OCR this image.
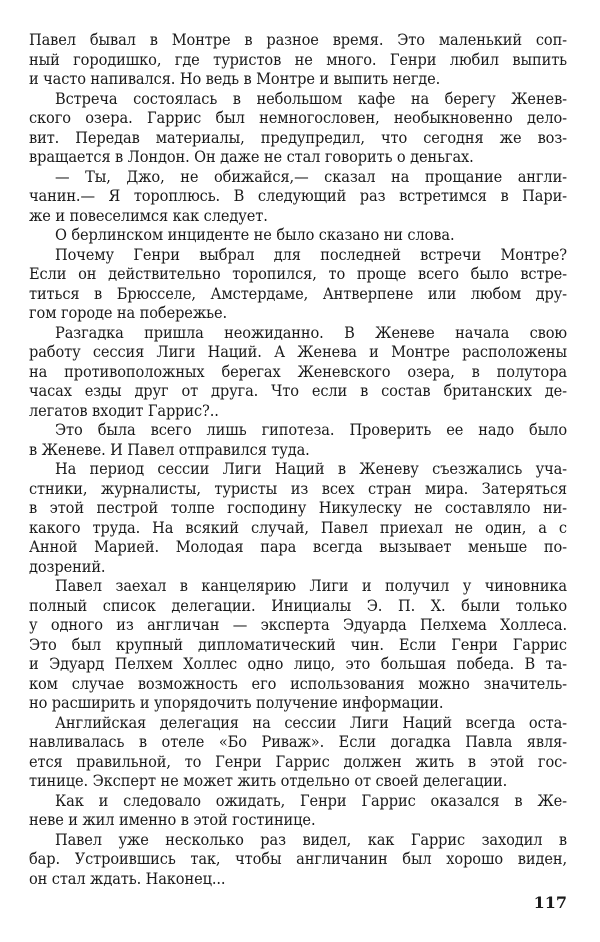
Павел бывал в Монтре в разное время. Это маленький соп-
ный городишко, где туристов не много. Генри любил выпить
и часто напивался. Но ведь в Монтре и выпить негде.
Встреча состоялась в небольшом кафе на берегу Женев-
ского озера. Гаррис был немногословен, необыкновенно дело-
вит. Передав материалы, предупредил, что сегодня же воз-
вращается в Лондон. Он даже не стал говорить о деньгах.
— Ты, Джо, не обижайся,— сказал на прощание англи-
чанин.— Я тороплюсь. В следующий раз встретимся в Пари-
же и повеселимся как следует.
О берлинском инциденте не было сказано ни слова.
Почему Генри выбрал для последней встречи Монтре?
Если он действительно торопился, то проще всего было встре-
титься в Брюсселе, Амстердаме, Антверпене или любом дру-
гом городе на побережье.
Разгадка пришла неожиданно. В Женеве начала свою
работу сессия Лиги Наций. А Женева и Монтре расположены
на противоположных берегах Женевского озера, в полутора
часах езды друг от друга. Что если в состав британских де-
легатов входит Гаррис?..
Это была всего лишь гипотеза. Проверить ее надо было
в Женеве. И Павел отправился туда.
На период сессии Лиги Наций в Женеву съезжались уча-
стники, журналисты, туристы из всех стран мира. Затеряться
в этой пестрой толпе господину Никулеску не составляло ни-
какого труда. На всякий случай, Павел приехал не один, а с
Анной Марией. Молодая пара всегда вызывает меньше по-
дозрений.
Павел заехал в канцелярию Лиги и получил у чиновника
полный список делегации. Инициалы Э. П. Х. были только
у одного из англичан — эксперта Эдуарда Пелхема Холлеса.
Это был крупный дипломатический чин. Если Генри Гаррис
и Эдуард Пелхем Холлес одно лицо, это большая победа. В та-
ком случае возможность его использования можно значитель-
но расширить и упорядочить получение информации.
Английская делегация на сессии Лиги Наций всегда оста-
навливалась в отеле «Бо Риваж». Если догадка Павла явля-
ется правильной, то Генри Гаррис должен жить в этой гос-
тинице. Эксперт не может жить отдельно от своей делегации.
Как и следовало ожидать, Генри Гаррис оказался в Же-
неве и жил именно в этой гостинице.
Павел уже несколько раз видел, как Гаррис заходил в
бар. Устроившись так, чтобы англичанин был хорошо виден,
он стал ждать. Наконец...
117
